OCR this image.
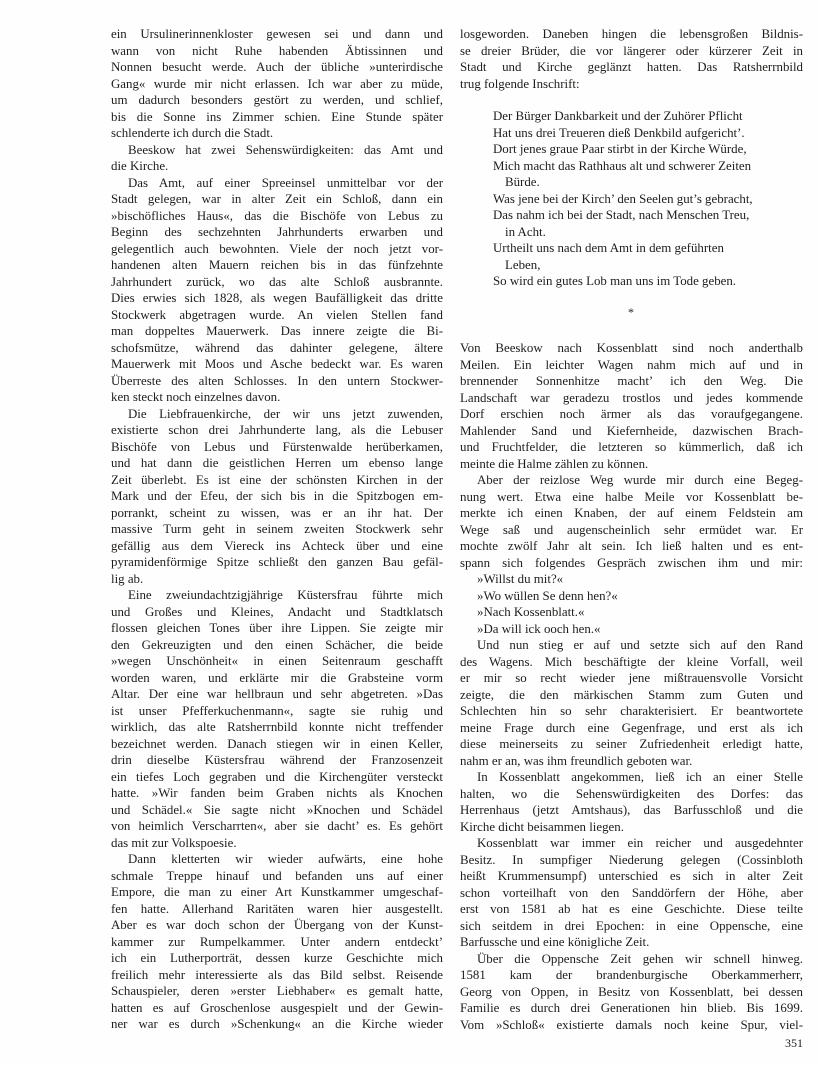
ein Ursulinerinnenkloster gewesen sei und dann und
wann von nicht Ruhe habenden Äbtissinnen und
Nonnen besucht werde. Auch der übliche »unterirdische
Gang« wurde mir nicht erlassen. Ich war aber zu müde,
um dadurch besonders gestört zu werden, und schlief,
bis die Sonne ins Zimmer schien. Eine Stunde später
schlenderte ich durch die Stadt.
Beeskow hat zwei Sehenswürdigkeiten: das Amt und
die Kirche.
Das Amt, auf einer Spreeinsel unmittelbar vor der
Stadt gelegen, war in alter Zeit ein Schloß, dann ein
»bischöfliches Haus«, das die Bischöfe von Lebus zu
Beginn des sechzehnten Jahrhunderts erwarben und
gelegentlich auch bewohnten. Viele der noch jetzt vor-
handenen alten Mauern reichen bis in das fünfzehnte
Jahrhundert zurück, wo das alte Schloß ausbrannte.
Dies erwies sich 1828, als wegen Baufälligkeit das dritte
Stockwerk abgetragen wurde. An vielen Stellen fand
man doppeltes Mauerwerk. Das innere zeigte die Bi-
schofsmütze, während das dahinter gelegene, ältere
Mauerwerk mit Moos und Asche bedeckt war. Es waren
Überreste des alten Schlosses. In den untern Stockwer-
ken steckt noch einzelnes davon.
Die Liebfrauenkirche, der wir uns jetzt zuwenden,
existierte schon drei Jahrhunderte lang, als die Lebuser
Bischöfe von Lebus und Fürstenwalde herüberkamen,
und hat dann die geistlichen Herren um ebenso lange
Zeit überlebt. Es ist eine der schönsten Kirchen in der
Mark und der Efeu, der sich bis in die Spitzbogen em-
porrankt, scheint zu wissen, was er an ihr hat. Der
massive Turm geht in seinem zweiten Stockwerk sehr
gefällig aus dem Viereck ins Achteck über und eine
pyramidenförmige Spitze schließt den ganzen Bau gefäl-
lig ab.
Eine zweiundachtzigjährige Küstersfrau führte mich
und Großes und Kleines, Andacht und Stadtklatsch
flossen gleichen Tones über ihre Lippen. Sie zeigte mir
den Gekreuzigten und den einen Schächer, die beide
»wegen Unschönheit« in einen Seitenraum geschafft
worden waren, und erklärte mir die Grabsteine vorm
Altar. Der eine war hellbraun und sehr abgetreten. »Das
ist unser Pfefferkuchenmann«, sagte sie ruhig und
wirklich, das alte Ratsherrnbild konnte nicht treffender
bezeichnet werden. Danach stiegen wir in einen Keller,
drin dieselbe Küstersfrau während der Franzosenzeit
ein tiefes Loch gegraben und die Kirchengüter versteckt
hatte. »Wir fanden beim Graben nichts als Knochen
und Schädel.« Sie sagte nicht »Knochen und Schädel
von heimlich Verscharrten«, aber sie dacht’ es. Es gehört
das mit zur Volkspoesie.
Dann kletterten wir wieder aufwärts, eine hohe
schmale Treppe hinauf und befanden uns auf einer
Empore, die man zu einer Art Kunstkammer umgeschaf-
fen hatte. Allerhand Raritäten waren hier ausgestellt.
Aber es war doch schon der Übergang von der Kunst-
kammer zur Rumpelkammer. Unter andern entdeckt’
ich ein Lutherporträt, dessen kurze Geschichte mich
freilich mehr interessierte als das Bild selbst. Reisende
Schauspieler, deren »erster Liebhaber« es gemalt hatte,
hatten es auf Groschenlose ausgespielt und der Gewin-
ner war es durch »Schenkung« an die Kirche wieder
losgeworden. Daneben hingen die lebensgroßen Bildnis-
se dreier Brüder, die vor längerer oder kürzerer Zeit in
Stadt und Kirche geglänzt hatten. Das Ratsherrnbild
trug folgende Inschrift:
Der Bürger Dankbarkeit und der Zuhörer Pflicht
Hat uns drei Treueren dieß Denkbild aufgericht’.
Dort jenes graue Paar stirbt in der Kirche Würde,
Mich macht das Rathhaus alt und schwerer Zeiten
Bürde.
Was jene bei der Kirch’ den Seelen gut’s gebracht,
Das nahm ich bei der Stadt, nach Menschen Treu,
in Acht.
Urtheilt uns nach dem Amt in dem geführten
Leben,
So wird ein gutes Lob man uns im Tode geben.
*
Von Beeskow nach Kossenblatt sind noch anderthalb
Meilen. Ein leichter Wagen nahm mich auf und in
brennender Sonnenhitze macht’ ich den Weg. Die
Landschaft war geradezu trostlos und jedes kommende
Dorf erschien noch ärmer als das voraufgegangene.
Mahlender Sand und Kiefernheide, dazwischen Brach-
und Fruchtfelder, die letzteren so kümmerlich, daß ich
meinte die Halme zählen zu können.
Aber der reizlose Weg wurde mir durch eine Begeg-
nung wert. Etwa eine halbe Meile vor Kossenblatt be-
merkte ich einen Knaben, der auf einem Feldstein am
Wege saß und augenscheinlich sehr ermüdet war. Er
mochte zwölf Jahr alt sein. Ich ließ halten und es ent-
spann sich folgendes Gespräch zwischen ihm und mir:
»Willst du mit?«
»Wo wüllen Se denn hen?«
»Nach Kossenblatt.«
»Da will ick ooch hen.«
Und nun stieg er auf und setzte sich auf den Rand
des Wagens. Mich beschäftigte der kleine Vorfall, weil
er mir so recht wieder jene mißtrauensvolle Vorsicht
zeigte, die den märkischen Stamm zum Guten und
Schlechten hin so sehr charakterisiert. Er beantwortete
meine Frage durch eine Gegenfrage, und erst als ich
diese meinerseits zu seiner Zufriedenheit erledigt hatte,
nahm er an, was ihm freundlich geboten war.
In Kossenblatt angekommen, ließ ich an einer Stelle
halten, wo die Sehenswürdigkeiten des Dorfes: das
Herrenhaus (jetzt Amtshaus), das Barfusschloß und die
Kirche dicht beisammen liegen.
Kossenblatt war immer ein reicher und ausgedehnter
Besitz. In sumpfiger Niederung gelegen (Cossinbloth
heißt Krummensumpf) unterschied es sich in alter Zeit
schon vorteilhaft von den Sanddörfern der Höhe, aber
erst von 1581 ab hat es eine Geschichte. Diese teilte
sich seitdem in drei Epochen: in eine Oppensche, eine
Barfussche und eine königliche Zeit.
Über die Oppensche Zeit gehen wir schnell hinweg.
1581 kam der brandenburgische Oberkammerherr,
Georg von Oppen, in Besitz von Kossenblatt, bei dessen
Familie es durch drei Generationen hin blieb. Bis 1699.
Vom »Schloß« existierte damals noch keine Spur, viel-
351
